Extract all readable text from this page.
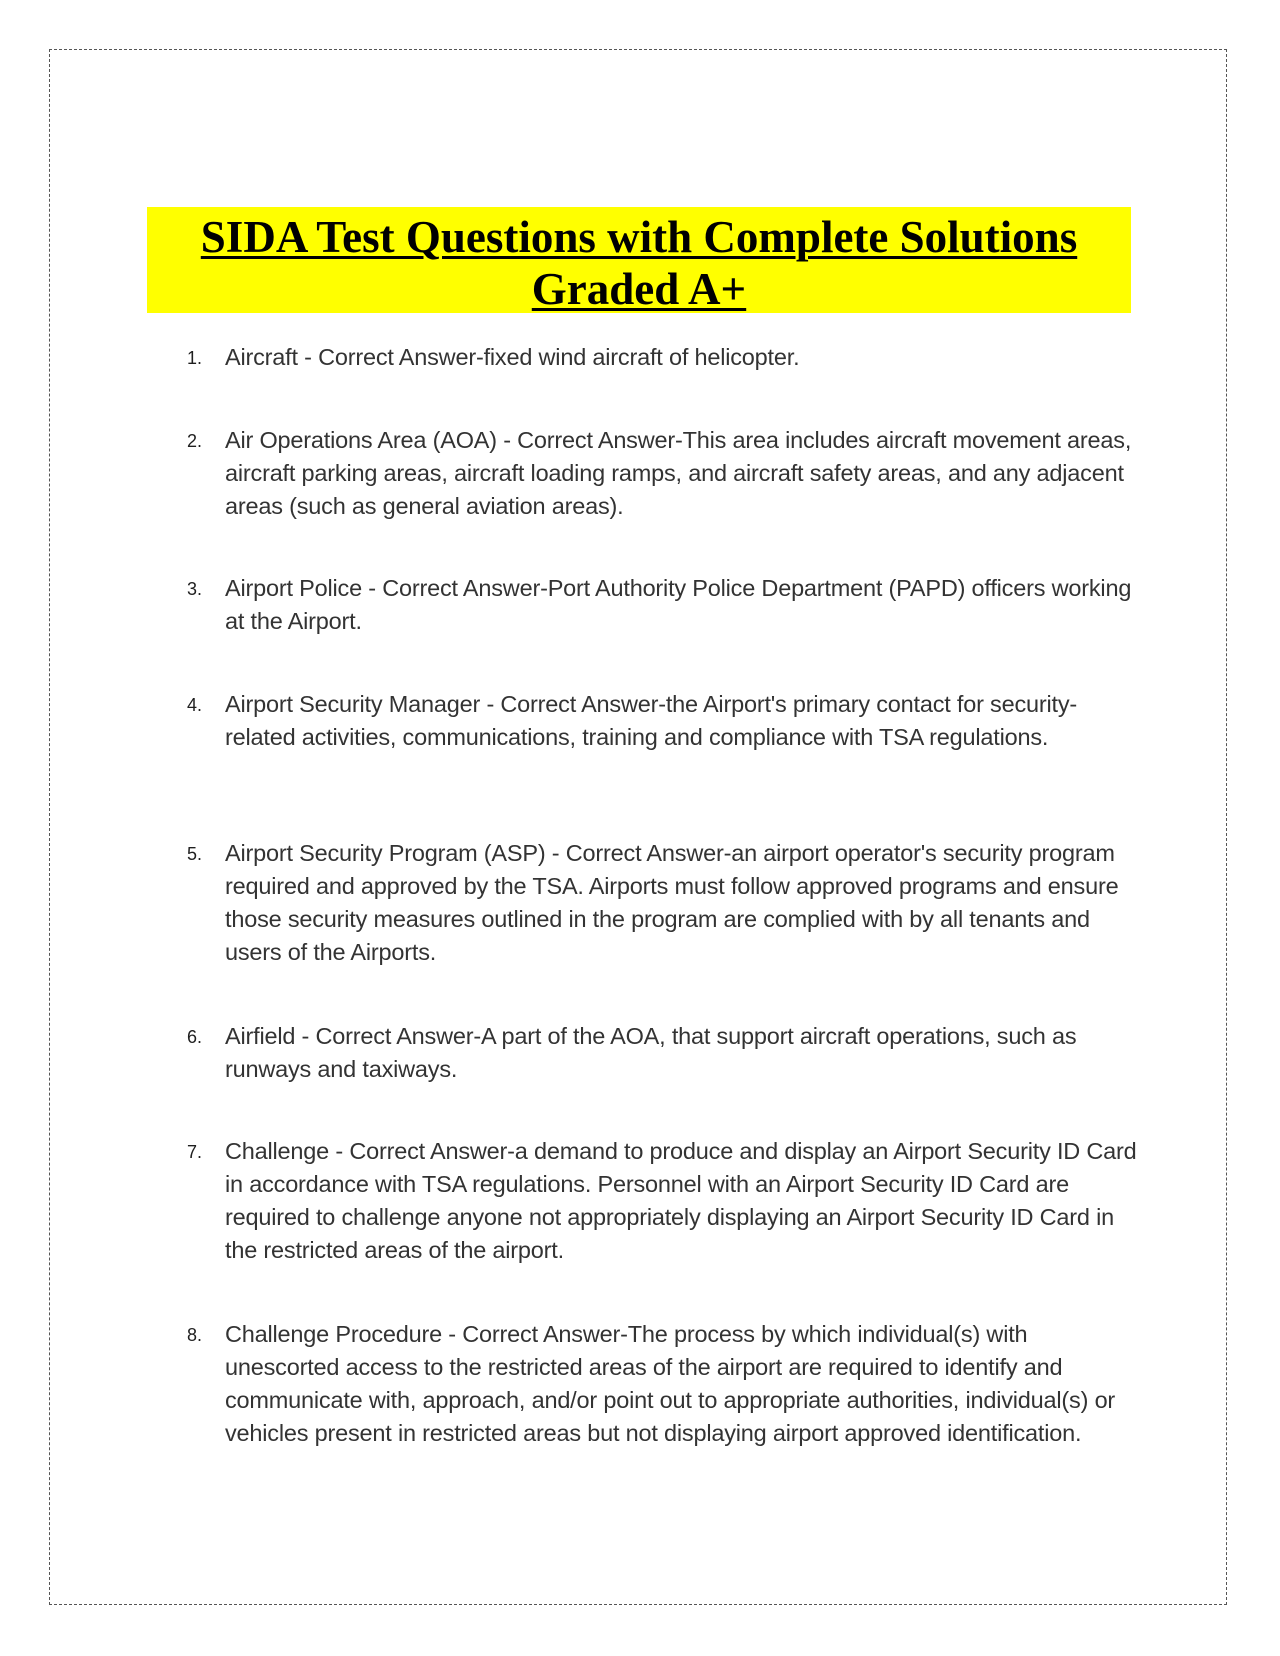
SIDA Test Questions with Complete Solutions
Graded A+
1. Aircraft - Correct Answer-fixed wind aircraft of helicopter.
2. Air Operations Area (AOA) - Correct Answer-This area includes aircraft movement areas, aircraft parking areas, aircraft loading ramps, and aircraft safety areas, and any adjacent areas (such as general aviation areas).
3. Airport Police - Correct Answer-Port Authority Police Department (PAPD) officers working at the Airport.
4. Airport Security Manager - Correct Answer-the Airport's primary contact for security-related activities, communications, training and compliance with TSA regulations.
5. Airport Security Program (ASP) - Correct Answer-an airport operator's security program required and approved by the TSA. Airports must follow approved programs and ensure those security measures outlined in the program are complied with by all tenants and users of the Airports.
6. Airfield - Correct Answer-A part of the AOA, that support aircraft operations, such as runways and taxiways.
7. Challenge - Correct Answer-a demand to produce and display an Airport Security ID Card in accordance with TSA regulations. Personnel with an Airport Security ID Card are required to challenge anyone not appropriately displaying an Airport Security ID Card in the restricted areas of the airport.
8. Challenge Procedure - Correct Answer-The process by which individual(s) with unescorted access to the restricted areas of the airport are required to identify and communicate with, approach, and/or point out to appropriate authorities, individual(s) or vehicles present in restricted areas but not displaying airport approved identification.
